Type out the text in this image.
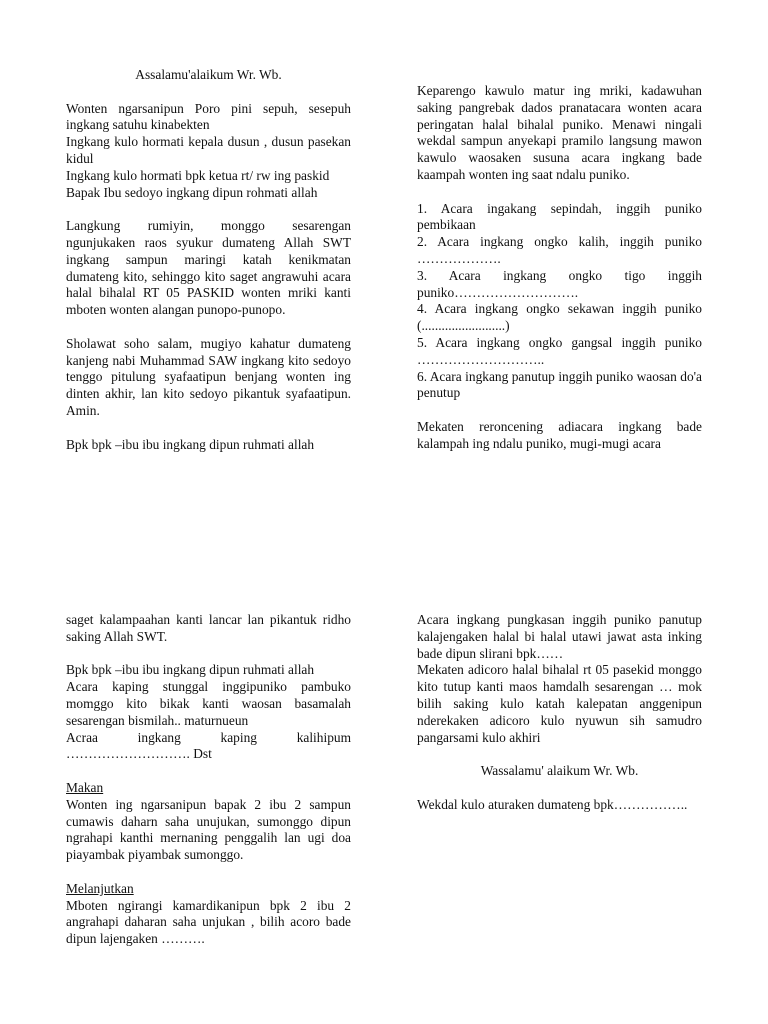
Assalamu'alaikum Wr. Wb.

Wonten ngarsanipun Poro pini sepuh, sesepuh ingkang satuhu kinabekten

Ingkang kulo hormati kepala dusun , dusun pasekan kidul

Ingkang kulo hormati bpk ketua rt/ rw ing paskid

Bapak Ibu sedoyo ingkang dipun rohmati allah

Langkung rumiyin, monggo sesarengan ngunjukaken raos syukur dumateng Allah SWT ingkang sampun maringi katah kenikmatan dumateng kito, sehinggo kito saget angrawuhi acara halal bihalal RT 05 PASKID wonten mriki kanti mboten wonten alangan punopo-punopo.

Sholawat soho salam, mugiyo kahatur dumateng kanjeng nabi Muhammad SAW ingkang kito sedoyo tenggo pitulung syafaatipun benjang wonten ing dinten akhir, lan kito sedoyo pikantuk syafaatipun. Amin.

Bpk bpk –ibu ibu ingkang dipun ruhmati allah

Keparengo kawulo matur ing mriki, kadawuhan saking pangrebak dados pranatacara wonten acara peringatan halal bihalal puniko. Menawi ningali wekdal sampun anyekapi pramilo langsung mawon kawulo waosaken susuna acara ingkang bade kaampah wonten ing saat ndalu puniko.

1. Acara ingakang sepindah, inggih puniko pembikaan

2. Acara ingkang ongko kalih, inggih puniko ……………….

3. Acara ingkang ongko tigo inggih puniko……………………….

4. Acara ingkang ongko sekawan inggih puniko (.........................)

5. Acara ingkang ongko gangsal inggih puniko ………………………..

6. Acara ingkang panutup inggih puniko waosan do'a penutup

Mekaten reroncening adiacara ingkang bade kalampah ing ndalu puniko, mugi-mugi acara

saget kalampaahan kanti lancar lan pikantuk ridho saking Allah SWT.

Bpk bpk –ibu ibu ingkang dipun ruhmati allah

Acara kaping stunggal inggipuniko pambuko momggo kito bikak kanti waosan basamalah sesarengan bismilah.. maturnueun

Acraa ingkang kaping kalihipum ………………………. Dst

Makan

Wonten ing ngarsanipun bapak 2 ibu 2 sampun cumawis daharn saha unujukan, sumonggo dipun ngrahapi kanthi mernaning penggalih lan ugi doa piayambak piyambak sumonggo.

Melanjutkan

Mboten ngirangi kamardikanipun bpk 2 ibu 2 angrahapi daharan saha unjukan , bilih acoro bade dipun lajengaken ……….

Acara ingkang pungkasan inggih puniko panutup kalajengaken halal bi halal utawi jawat asta inking bade dipun slirani bpk……

Mekaten adicoro halal bihalal rt 05 pasekid monggo kito tutup kanti maos hamdalh sesarengan … mok bilih saking kulo katah kalepatan anggenipun nderekaken adicoro kulo nyuwun sih samudro pangarsami kulo akhiri

Wassalamu' alaikum Wr. Wb.

Wekdal kulo aturaken dumateng bpk……………..
